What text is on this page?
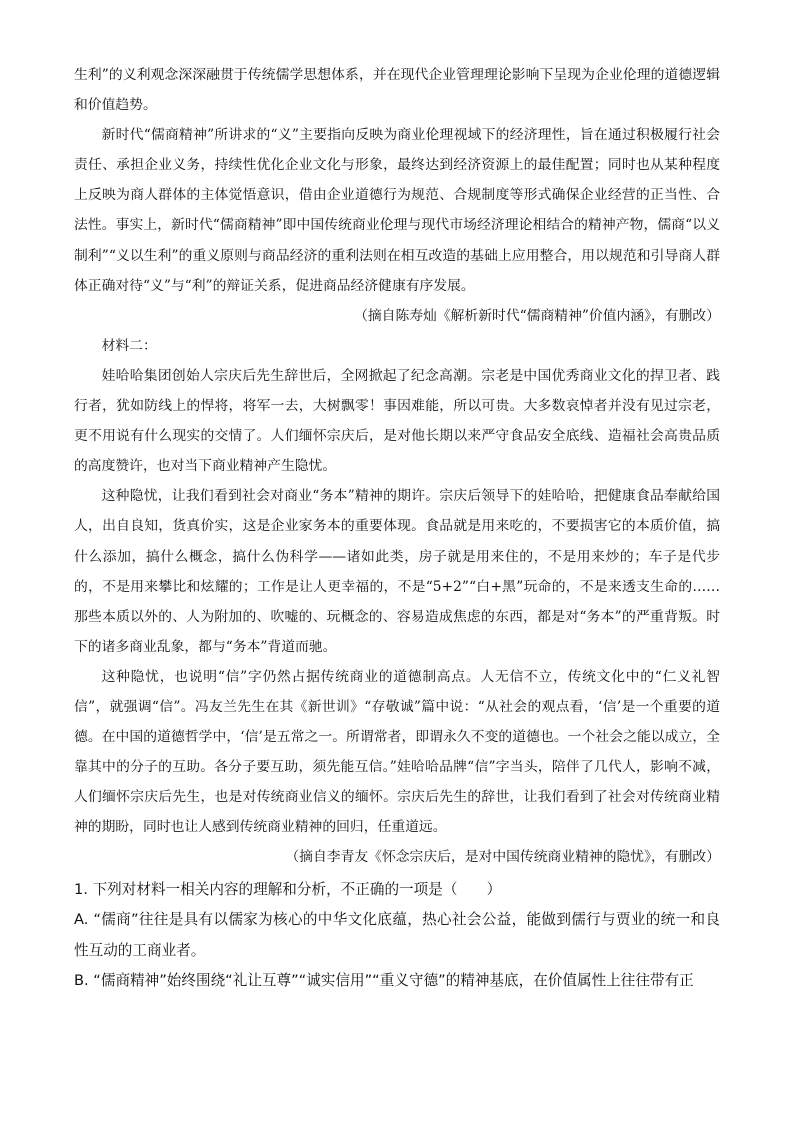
生利”的义利观念深深融贯于传统儒学思想体系，并在现代企业管理理论影响下呈现为企业伦理的道德逻辑和价值趋势。

新时代“儒商精神”所讲求的“义”主要指向反映为商业伦理视域下的经济理性，旨在通过积极履行社会责任、承担企业义务，持续性优化企业文化与形象，最终达到经济资源上的最佳配置；同时也从某种程度上反映为商人群体的主体觉悟意识，借由企业道德行为规范、合规制度等形式确保企业经营的正当性、合法性。事实上，新时代“儒商精神”即中国传统商业伦理与现代市场经济理论相结合的精神产物，儒商“以义制利”“义以生利”的重义原则与商品经济的重利法则在相互改造的基础上应用整合，用以规范和引导商人群体正确对待“义”与“利”的辩证关系，促进商品经济健康有序发展。

（摘自陈寿灿《解析新时代“儒商精神”价值内涵》，有删改）

材料二：

娃哈哈集团创始人宗庆后先生辞世后，全网掀起了纪念高潮。宗老是中国优秀商业文化的捍卫者、践行者，犹如防线上的悍将，将军一去，大树飘零！事因难能，所以可贵。大多数哀悼者并没有见过宗老，更不用说有什么现实的交情了。人们缅怀宗庆后，是对他长期以来严守食品安全底线、造福社会高贵品质的高度赞许，也对当下商业精神产生隐忧。

这种隐忧，让我们看到社会对商业“务本”精神的期许。宗庆后领导下的娃哈哈，把健康食品奉献给国人，出自良知，货真价实，这是企业家务本的重要体现。食品就是用来吃的，不要损害它的本质价值，搞什么添加，搞什么概念，搞什么伪科学——诸如此类，房子就是用来住的，不是用来炒的；车子是代步的，不是用来攀比和炫耀的；工作是让人更幸福的，不是“5+2”“白+黑”玩命的，不是来透支生命的……那些本质以外的、人为附加的、吹嘘的、玩概念的、容易造成焦虑的东西，都是对“务本”的严重背叛。时下的诸多商业乱象，都与“务本”背道而驰。

这种隐忧，也说明“信”字仍然占据传统商业的道德制高点。人无信不立，传统文化中的“仁义礼智信”，就强调“信”。冯友兰先生在其《新世训》“存敬诚”篇中说：“从社会的观点看，‘信’是一个重要的道德。在中国的道德哲学中，‘信’是五常之一。所谓常者，即谓永久不变的道德也。一个社会之能以成立，全靠其中的分子的互助。各分子要互助，须先能互信。”娃哈哈品牌“信”字当头，陪伴了几代人，影响不减，人们缅怀宗庆后先生，也是对传统商业信义的缅怀。宗庆后先生的辞世，让我们看到了社会对传统商业精神的期盼，同时也让人感到传统商业精神的回归，任重道远。

（摘自李青友《怀念宗庆后，是对中国传统商业精神的隐忧》，有删改）

1. 下列对材料一相关内容的理解和分析，不正确的一项是（　　）

A. “儒商”往往是具有以儒家为核心的中华文化底蕴，热心社会公益，能做到儒行与贾业的统一和良性互动的工商业者。

B. “儒商精神”始终围绕“礼让互尊”“诚实信用”“重义守德”的精神基底，在价值属性上往往带有正
